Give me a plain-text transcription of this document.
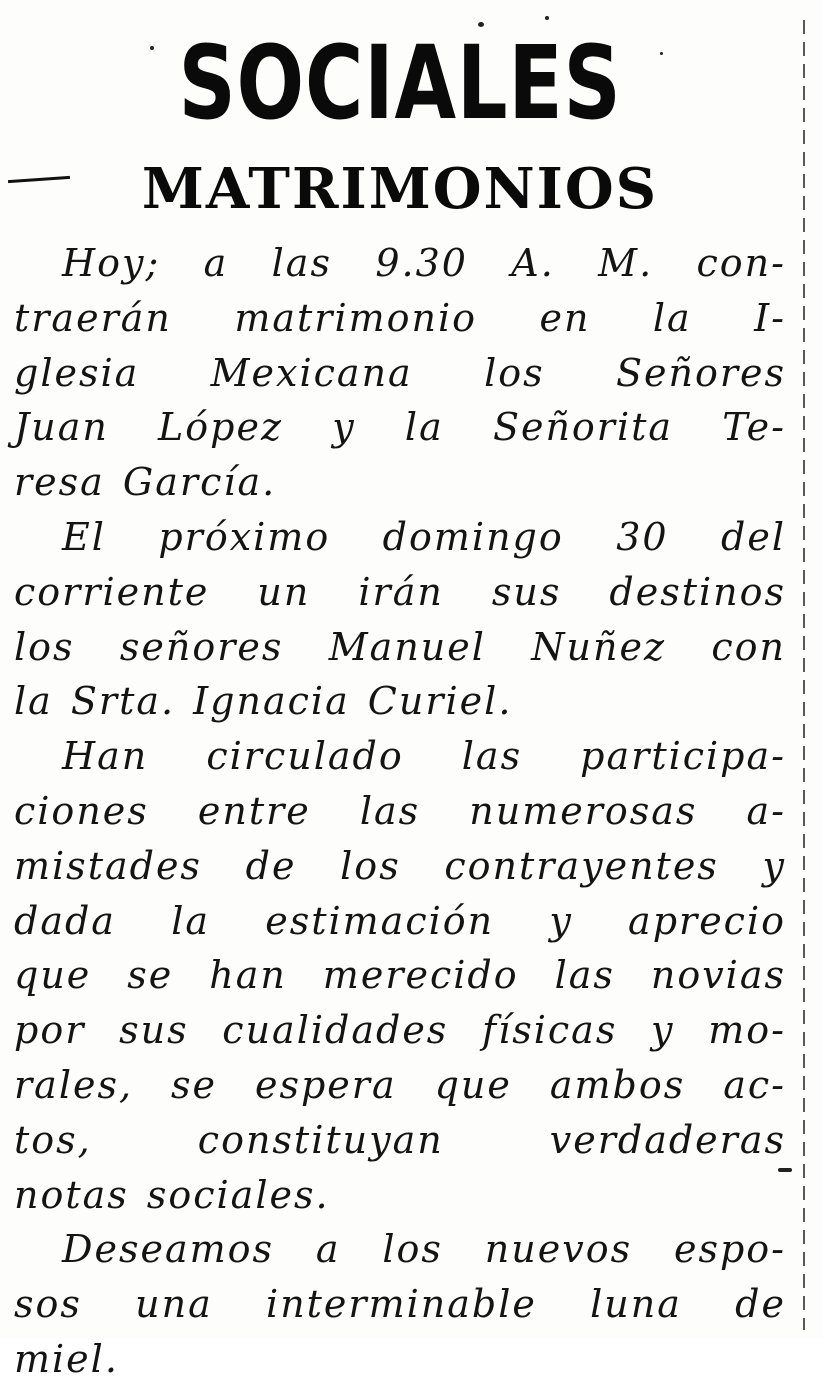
SOCIALES
MATRIMONIOS
Hoy; a las 9.30 A. M. con-
traerán matrimonio en la I-
glesia Mexicana los Señores
Juan López y la Señorita Te-
resa García.
El próximo domingo 30 del
corriente un irán sus destinos
los señores Manuel Nuñez con
la Srta. Ignacia Curiel.
Han circulado las participa-
ciones entre las numerosas a-
mistades de los contrayentes y
dada la estimación y aprecio
que se han merecido las novias
por sus cualidades físicas y mo-
rales, se espera que ambos ac-
tos, constituyan verdaderas
notas sociales.
Deseamos a los nuevos espo-
sos una interminable luna de
miel.
